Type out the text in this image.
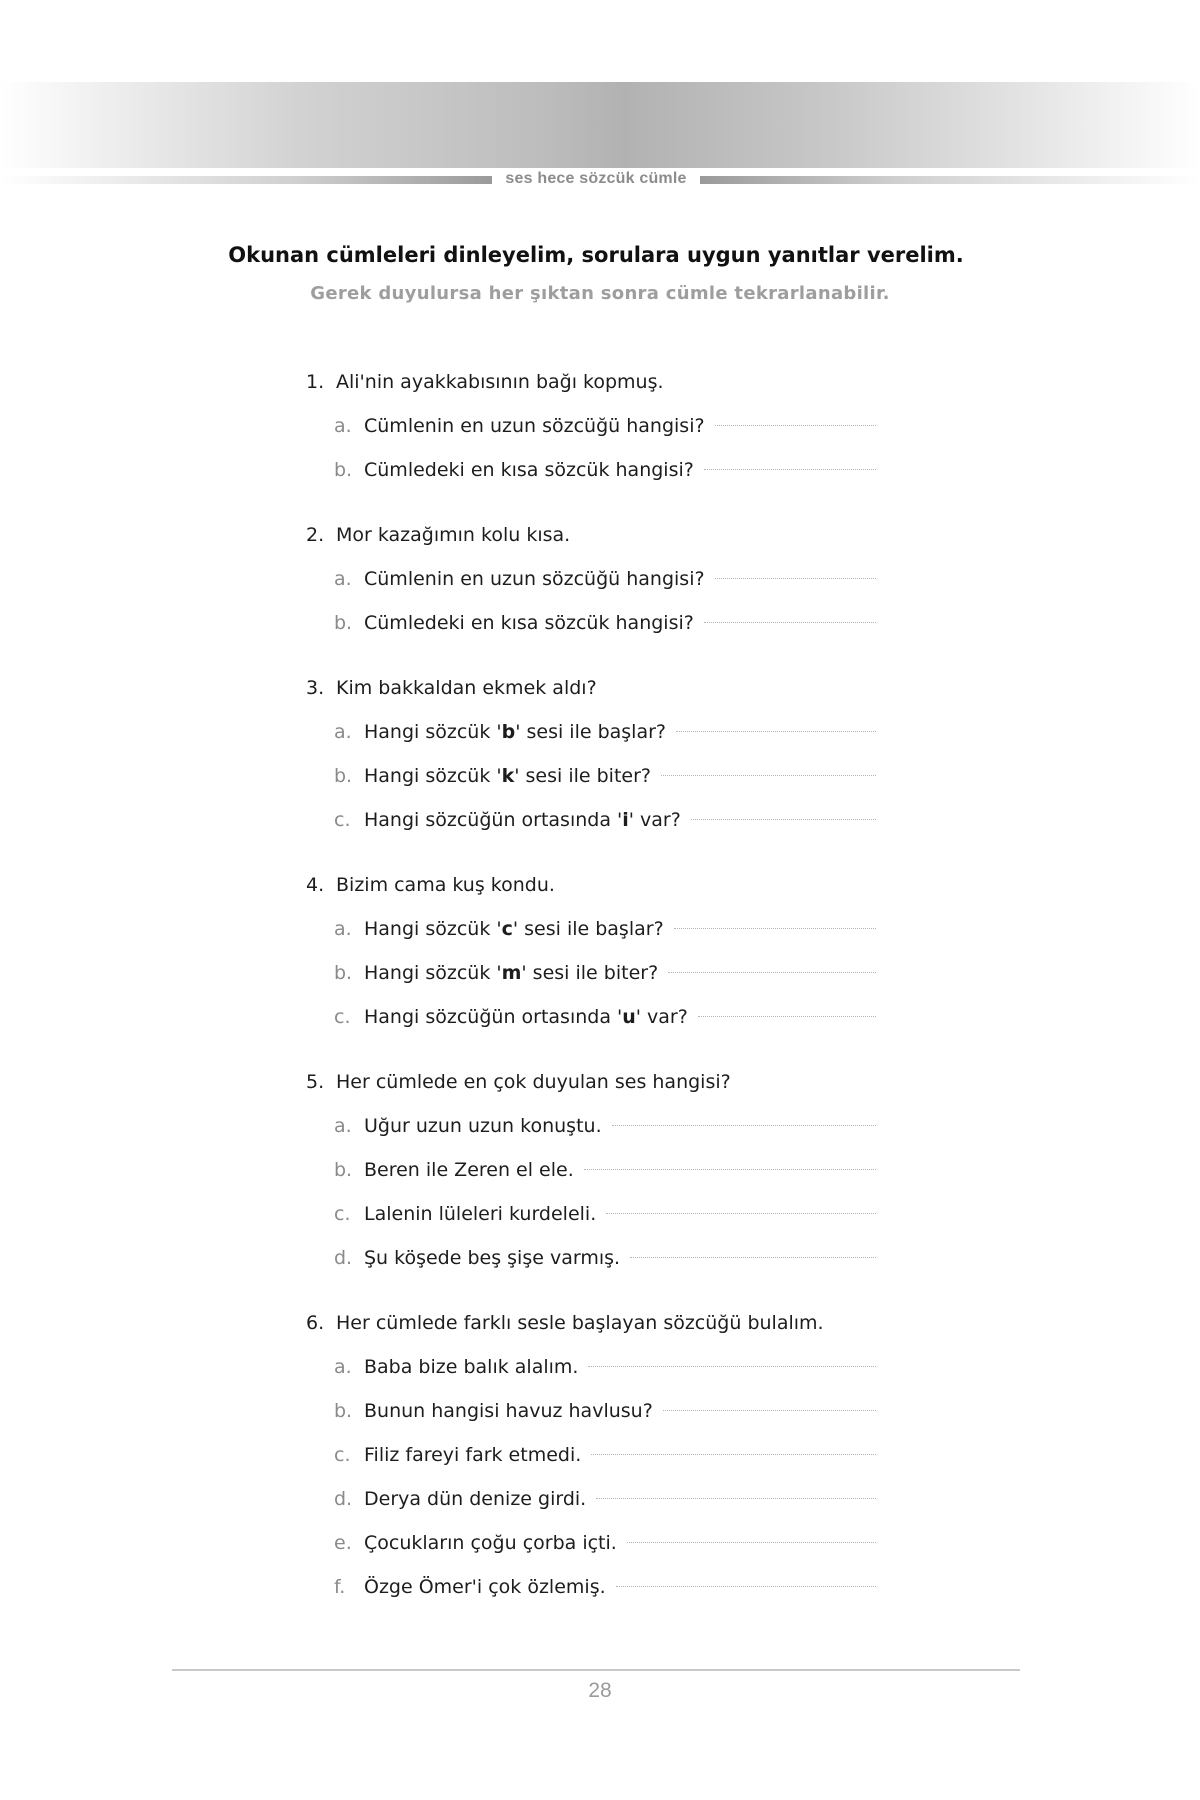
ses hece sözcük cümle
Okunan cümleleri dinleyelim, sorulara uygun yanıtlar verelim.
Gerek duyulursa her şıktan sonra cümle tekrarlanabilir.
1. Ali'nin ayakkabısının bağı kopmuş.
a. Cümlenin en uzun sözcüğü hangisi?
b. Cümledeki en kısa sözcük hangisi?
2. Mor kazağımın kolu kısa.
a. Cümlenin en uzun sözcüğü hangisi?
b. Cümledeki en kısa sözcük hangisi?
3. Kim bakkaldan ekmek aldı?
a. Hangi sözcük 'b' sesi ile başlar?
b. Hangi sözcük 'k' sesi ile biter?
c. Hangi sözcüğün ortasında 'i' var?
4. Bizim cama kuş kondu.
a. Hangi sözcük 'c' sesi ile başlar?
b. Hangi sözcük 'm' sesi ile biter?
c. Hangi sözcüğün ortasında 'u' var?
5. Her cümlede en çok duyulan ses hangisi?
a. Uğur uzun uzun konuştu.
b. Beren ile Zeren el ele.
c. Lalenin lüleleri kurdeleli.
d. Şu köşede beş şişe varmış.
6. Her cümlede farklı sesle başlayan sözcüğü bulalım.
a. Baba bize balık alalım.
b. Bunun hangisi havuz havlusu?
c. Filiz fareyi fark etmedi.
d. Derya dün denize girdi.
e. Çocukların çoğu çorba içti.
f. Özge Ömer'i çok özlemiş.
28
